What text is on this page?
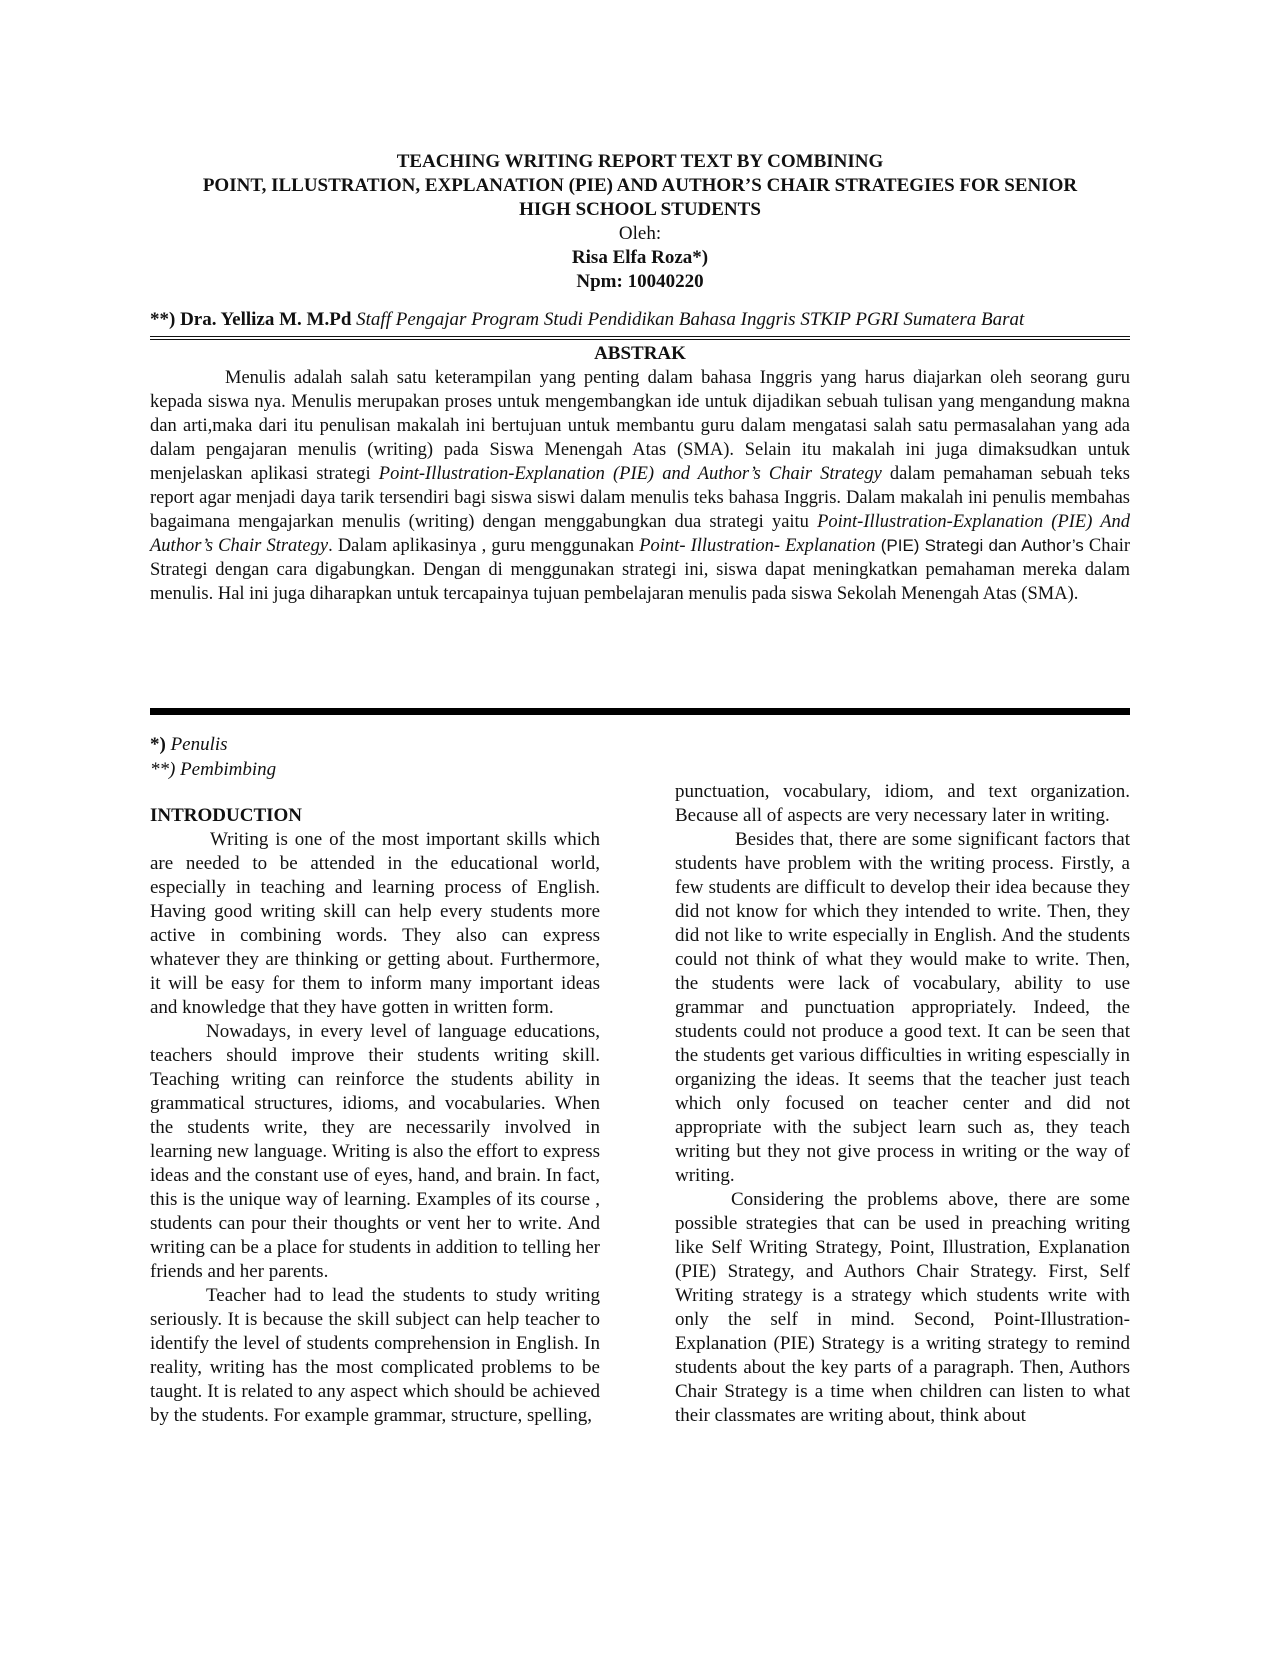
TEACHING WRITING REPORT TEXT BY COMBINING
POINT, ILLUSTRATION, EXPLANATION (PIE) AND AUTHOR’S CHAIR STRATEGIES FOR SENIOR
HIGH SCHOOL STUDENTS
Oleh:
Risa Elfa Roza*)
Npm: 10040220
**) Dra. Yelliza M. M.Pd Staff Pengajar Program Studi Pendidikan Bahasa Inggris STKIP PGRI Sumatera Barat
ABSTRAK

Menulis adalah salah satu keterampilan yang penting dalam bahasa Inggris yang harus diajarkan oleh seorang guru kepada siswa nya. Menulis merupakan proses untuk mengembangkan ide untuk dijadikan sebuah tulisan yang mengandung makna dan arti,maka dari itu penulisan makalah ini bertujuan untuk membantu guru dalam mengatasi salah satu permasalahan yang ada dalam pengajaran menulis (writing) pada Siswa Menengah Atas (SMA). Selain itu makalah ini juga dimaksudkan untuk menjelaskan aplikasi strategi Point-Illustration-Explanation (PIE) and Author’s Chair Strategy dalam pemahaman sebuah teks report agar menjadi daya tarik tersendiri bagi siswa siswi dalam menulis teks bahasa Inggris. Dalam makalah ini penulis membahas bagaimana mengajarkan menulis (writing) dengan menggabungkan dua strategi yaitu Point-Illustration-Explanation (PIE) And Author’s Chair Strategy. Dalam aplikasinya , guru menggunakan Point- Illustration- Explanation (PIE) Strategi dan Author’s Chair Strategi dengan cara digabungkan. Dengan di menggunakan strategi ini, siswa dapat meningkatkan pemahaman mereka dalam menulis. Hal ini juga diharapkan untuk tercapainya tujuan pembelajaran menulis pada siswa Sekolah Menengah Atas (SMA).

*) Penulis
**) Pembimbing
INTRODUCTION

Writing is one of the most important skills which are needed to be attended in the educational world, especially in teaching and learning process of English. Having good writing skill can help every students more active in combining words. They also can express whatever they are thinking or getting about. Furthermore, it will be easy for them to inform many important ideas and knowledge that they have gotten in written form.

Nowadays, in every level of language educations, teachers should improve their students writing skill. Teaching writing can reinforce the students ability in grammatical structures, idioms, and vocabularies. When the students write, they are necessarily involved in learning new language. Writing is also the effort to express ideas and the constant use of eyes, hand, and brain. In fact, this is the unique way of learning. Examples of its course , students can pour their thoughts or vent her to write. And writing can be a place for students in addition to telling her friends and her parents.

Teacher had to lead the students to study writing seriously. It is because the skill subject can help teacher to identify the level of students comprehension in English. In reality, writing has the most complicated problems to be taught. It is related to any aspect which should be achieved by the students. For example grammar, structure, spelling,

punctuation, vocabulary, idiom, and text organization. Because all of aspects are very necessary later in writing.

Besides that, there are some significant factors that students have problem with the writing process. Firstly, a few students are difficult to develop their idea because they did not know for which they intended to write. Then, they did not like to write especially in English. And the students could not think of what they would make to write. Then, the students were lack of vocabulary, ability to use grammar and punctuation appropriately. Indeed, the students could not produce a good text. It can be seen that the students get various difficulties in writing espescially in organizing the ideas. It seems that the teacher just teach which only focused on teacher center and did not appropriate with the subject learn such as, they teach writing but they not give process in writing or the way of writing.

Considering the problems above, there are some possible strategies that can be used in preaching writing like Self Writing Strategy, Point, Illustration, Explanation (PIE) Strategy, and Authors Chair Strategy. First, Self Writing strategy is a strategy which students write with only the self in mind. Second, Point-Illustration-Explanation (PIE) Strategy is a writing strategy to remind students about the key parts of a paragraph. Then, Authors Chair Strategy is a time when children can listen to what their classmates are writing about, think about
